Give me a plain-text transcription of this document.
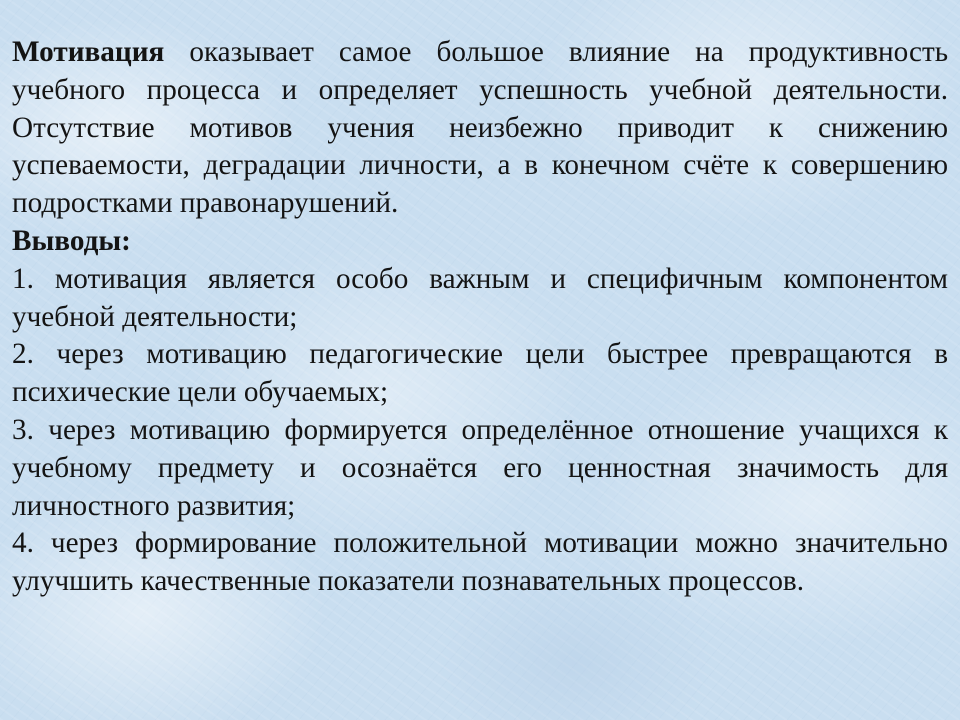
Мотивация оказывает самое большое влияние на продуктивность учебного процесса и определяет успешность учебной деятельности. Отсутствие мотивов учения неизбежно приводит к снижению успеваемости, деградации личности, а в конечном счёте к совершению подростками правонарушений.

Выводы:

1. мотивация является особо важным и специфичным компонентом учебной деятельности;

2. через мотивацию педагогические цели быстрее превращаются в психические цели обучаемых;

3. через мотивацию формируется определённое отношение учащихся к учебному предмету и осознаётся его ценностная значимость для личностного развития;

4. через формирование положительной мотивации можно значительно улучшить качественные показатели познавательных процессов.
